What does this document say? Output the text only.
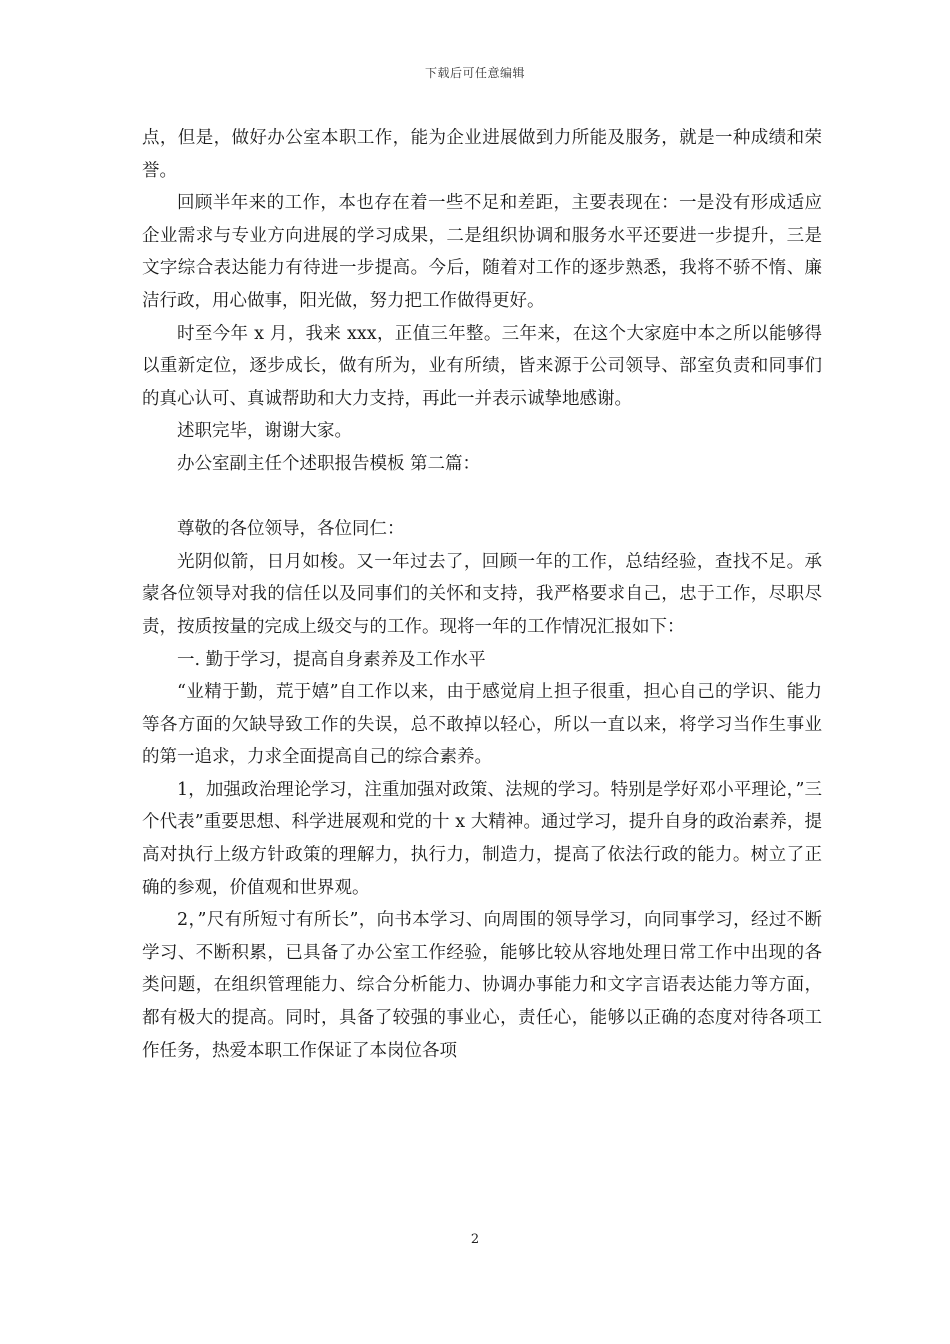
下载后可任意编辑

点，但是，做好办公室本职工作，能为企业进展做到力所能及服务，就是一种成绩和荣誉。

回顾半年来的工作，本也存在着一些不足和差距，主要表现在：一是没有形成适应企业需求与专业方向进展的学习成果，二是组织协调和服务水平还要进一步提升，三是文字综合表达能力有待进一步提高。今后，随着对工作的逐步熟悉，我将不骄不惰、廉洁行政，用心做事，阳光做，努力把工作做得更好。

时至今年 x 月，我来 xxx，正值三年整。三年来，在这个大家庭中本之所以能够得以重新定位，逐步成长，做有所为，业有所绩，皆来源于公司领导、部室负责和同事们的真心认可、真诚帮助和大力支持，再此一并表示诚挚地感谢。

述职完毕，谢谢大家。

办公室副主任个述职报告模板 第二篇：

尊敬的各位领导，各位同仁：

光阴似箭，日月如梭。又一年过去了，回顾一年的工作，总结经验，查找不足。承蒙各位领导对我的信任以及同事们的关怀和支持，我严格要求自己，忠于工作，尽职尽责，按质按量的完成上级交与的工作。现将一年的工作情况汇报如下：

一. 勤于学习，提高自身素养及工作水平

“业精于勤，荒于嬉”自工作以来，由于感觉肩上担子很重，担心自己的学识、能力等各方面的欠缺导致工作的失误，总不敢掉以轻心，所以一直以来，将学习当作生事业的第一追求，力求全面提高自己的综合素养。

1，加强政治理论学习，注重加强对政策、法规的学习。特别是学好邓小平理论，”三个代表”重要思想、科学进展观和党的十 x 大精神。通过学习，提升自身的政治素养，提高对执行上级方针政策的理解力，执行力，制造力，提高了依法行政的能力。树立了正确的参观，价值观和世界观。

2，”尺有所短寸有所长”，向书本学习、向周围的领导学习，向同事学习，经过不断学习、不断积累，已具备了办公室工作经验，能够比较从容地处理日常工作中出现的各类问题，在组织管理能力、综合分析能力、协调办事能力和文字言语表达能力等方面，都有极大的提高。同时，具备了较强的事业心，责任心，能够以正确的态度对待各项工作任务，热爱本职工作保证了本岗位各项

2
